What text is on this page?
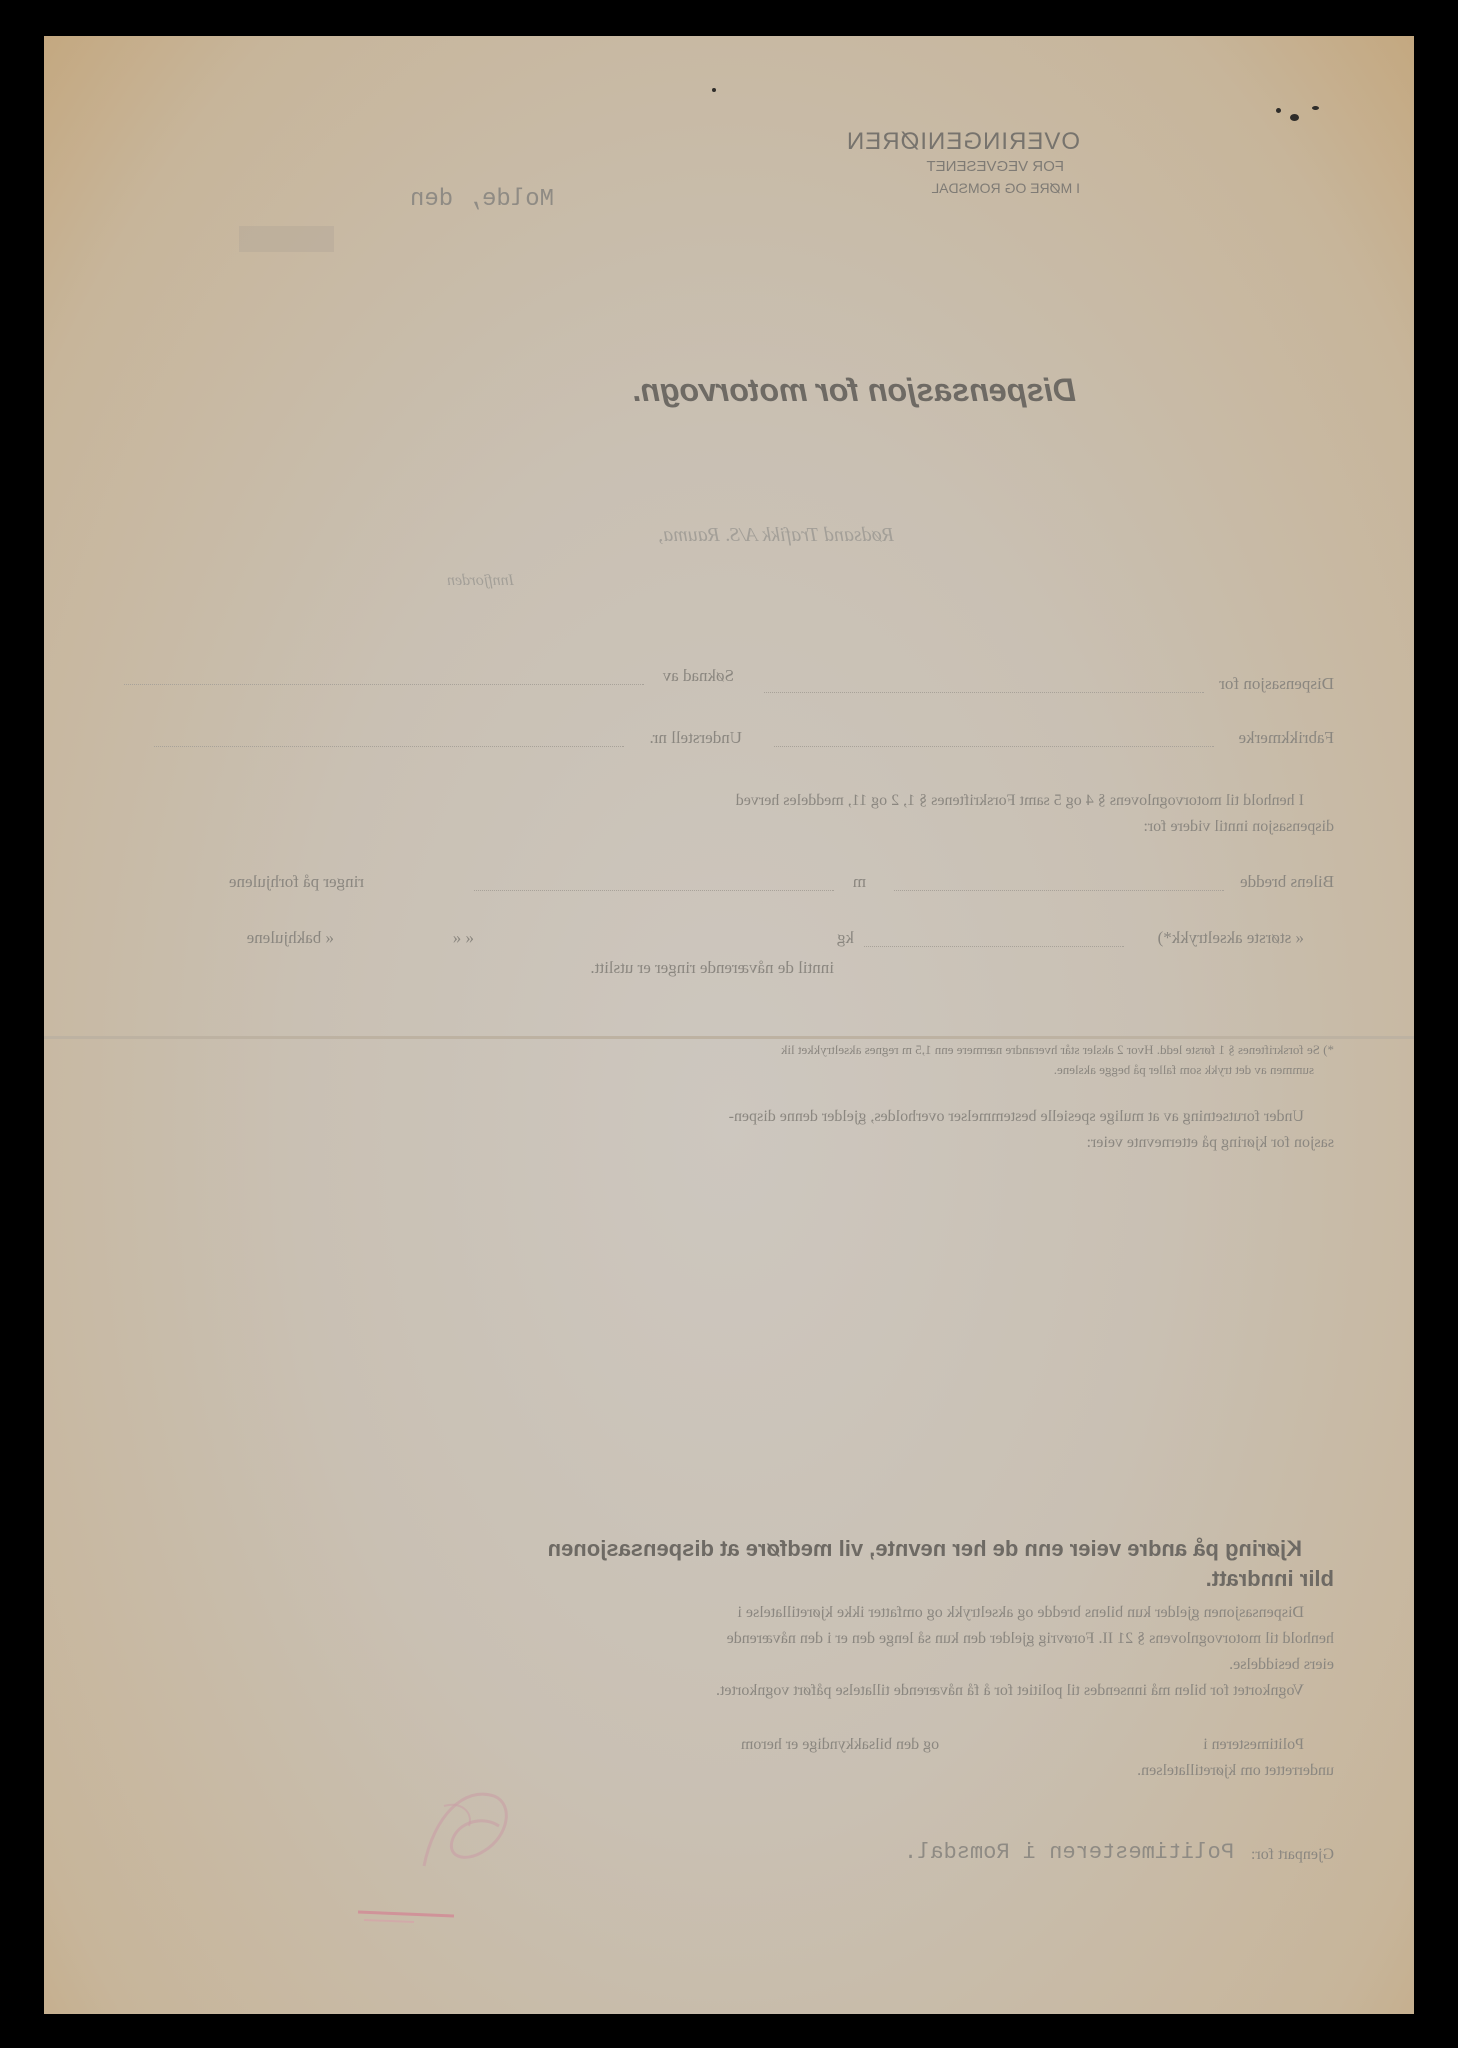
OVERINGENIØREN
FOR VEGVESENET
I MØRE OG ROMSDAL
Molde, den
Dispensasjon for motorvogn.
Rødsand Trafikk A/S. Rauma,
Innfjorden
Dispensasjon for
Søknad av
Fabrikkmerke
Understell nr.
I henhold til motorvognlovens § 4 og 5 samt Forskriftenes § 1, 2 og 11, meddeles herved
dispensasjon inntil videre for:
Bilens bredde
m
ringer på forhjulene
« største akseltrykk*)
kg
« «
« bakhjulene
inntil de nåværende ringer er utslitt.
*) Se forskriftenes § 1 første ledd. Hvor 2 aksler står hverandre nærmere enn 1,5 m regnes akseltrykket lik
summen av det trykk som faller på begge akslene.
Under forutsetning av at mulige spesielle bestemmelser overholdes, gjelder denne dispen-
sasjon for kjøring på etternevnte veier:
Kjøring på andre veier enn de her nevnte, vil medføre at dispensasjonen
blir inndratt.
Dispensasjonen gjelder kun bilens bredde og akseltrykk og omfatter ikke kjøretillatelse i
henhold til motorvognlovens § 21 II. Forøvrig gjelder den kun så lenge den er i den nåværende
eiers besiddelse.
Vognkortet for bilen må innsendes til politiet for å få nåværende tillatelse påført vognkortet.
Politimesteren i                                                                  og den bilsakkyndige er herom
underrettet om kjøretillatelsen.
Gjenpart for:
Politimesteren i Romsdal.
